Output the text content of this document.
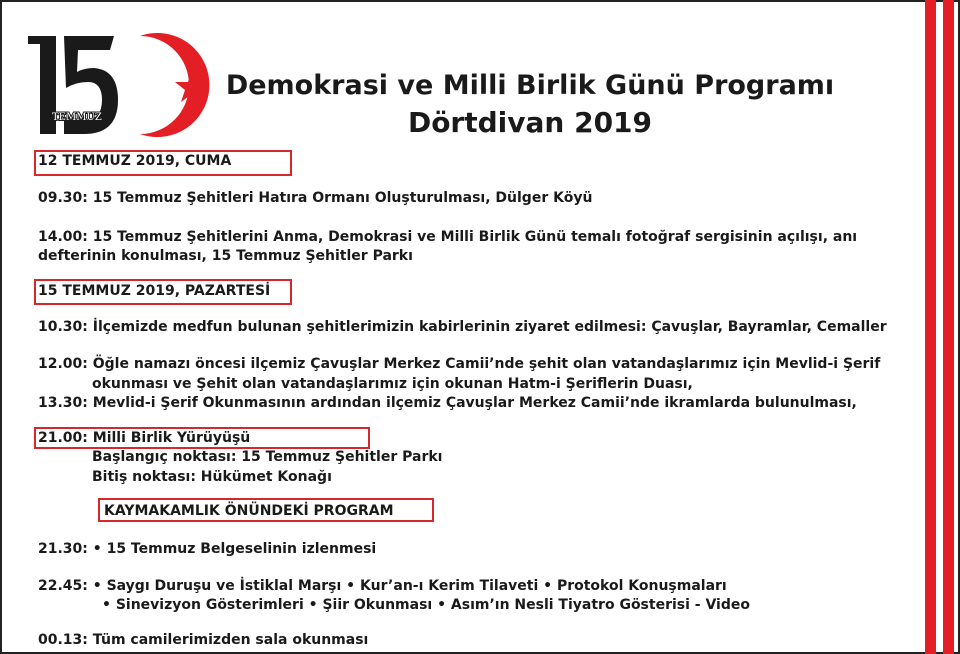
TEMMUZ
Demokrasi ve Milli Birlik Günü Programı
Dörtdivan 2019
12 TEMMUZ 2019, CUMA
09.30: 15 Temmuz Şehitleri Hatıra Ormanı Oluşturulması, Dülger Köyü
14.00: 15 Temmuz Şehitlerini Anma, Demokrasi ve Milli Birlik Günü temalı fotoğraf sergisinin açılışı, anı
defterinin konulması, 15 Temmuz Şehitler Parkı
15 TEMMUZ 2019, PAZARTESİ
10.30: İlçemizde medfun bulunan şehitlerimizin kabirlerinin ziyaret edilmesi: Çavuşlar, Bayramlar, Cemaller
12.00: Öğle namazı öncesi ilçemiz Çavuşlar Merkez Camii’nde şehit olan vatandaşlarımız için Mevlid-i Şerif
okunması ve Şehit olan vatandaşlarımız için okunan Hatm-i Şeriflerin Duası,
13.30: Mevlid-i Şerif Okunmasının ardından ilçemiz Çavuşlar Merkez Camii’nde ikramlarda bulunulması,
21.00: Milli Birlik Yürüyüşü
Başlangıç noktası: 15 Temmuz Şehitler Parkı
Bitiş noktası: Hükümet Konağı
KAYMAKAMLIK ÖNÜNDEKİ PROGRAM
21.30: • 15 Temmuz Belgeselinin izlenmesi
22.45: • Saygı Duruşu ve İstiklal Marşı • Kur’an-ı Kerim Tilaveti • Protokol Konuşmaları
• Sinevizyon Gösterimleri • Şiir Okunması • Asım’ın Nesli Tiyatro Gösterisi - Video
00.13: Tüm camilerimizden sala okunması
